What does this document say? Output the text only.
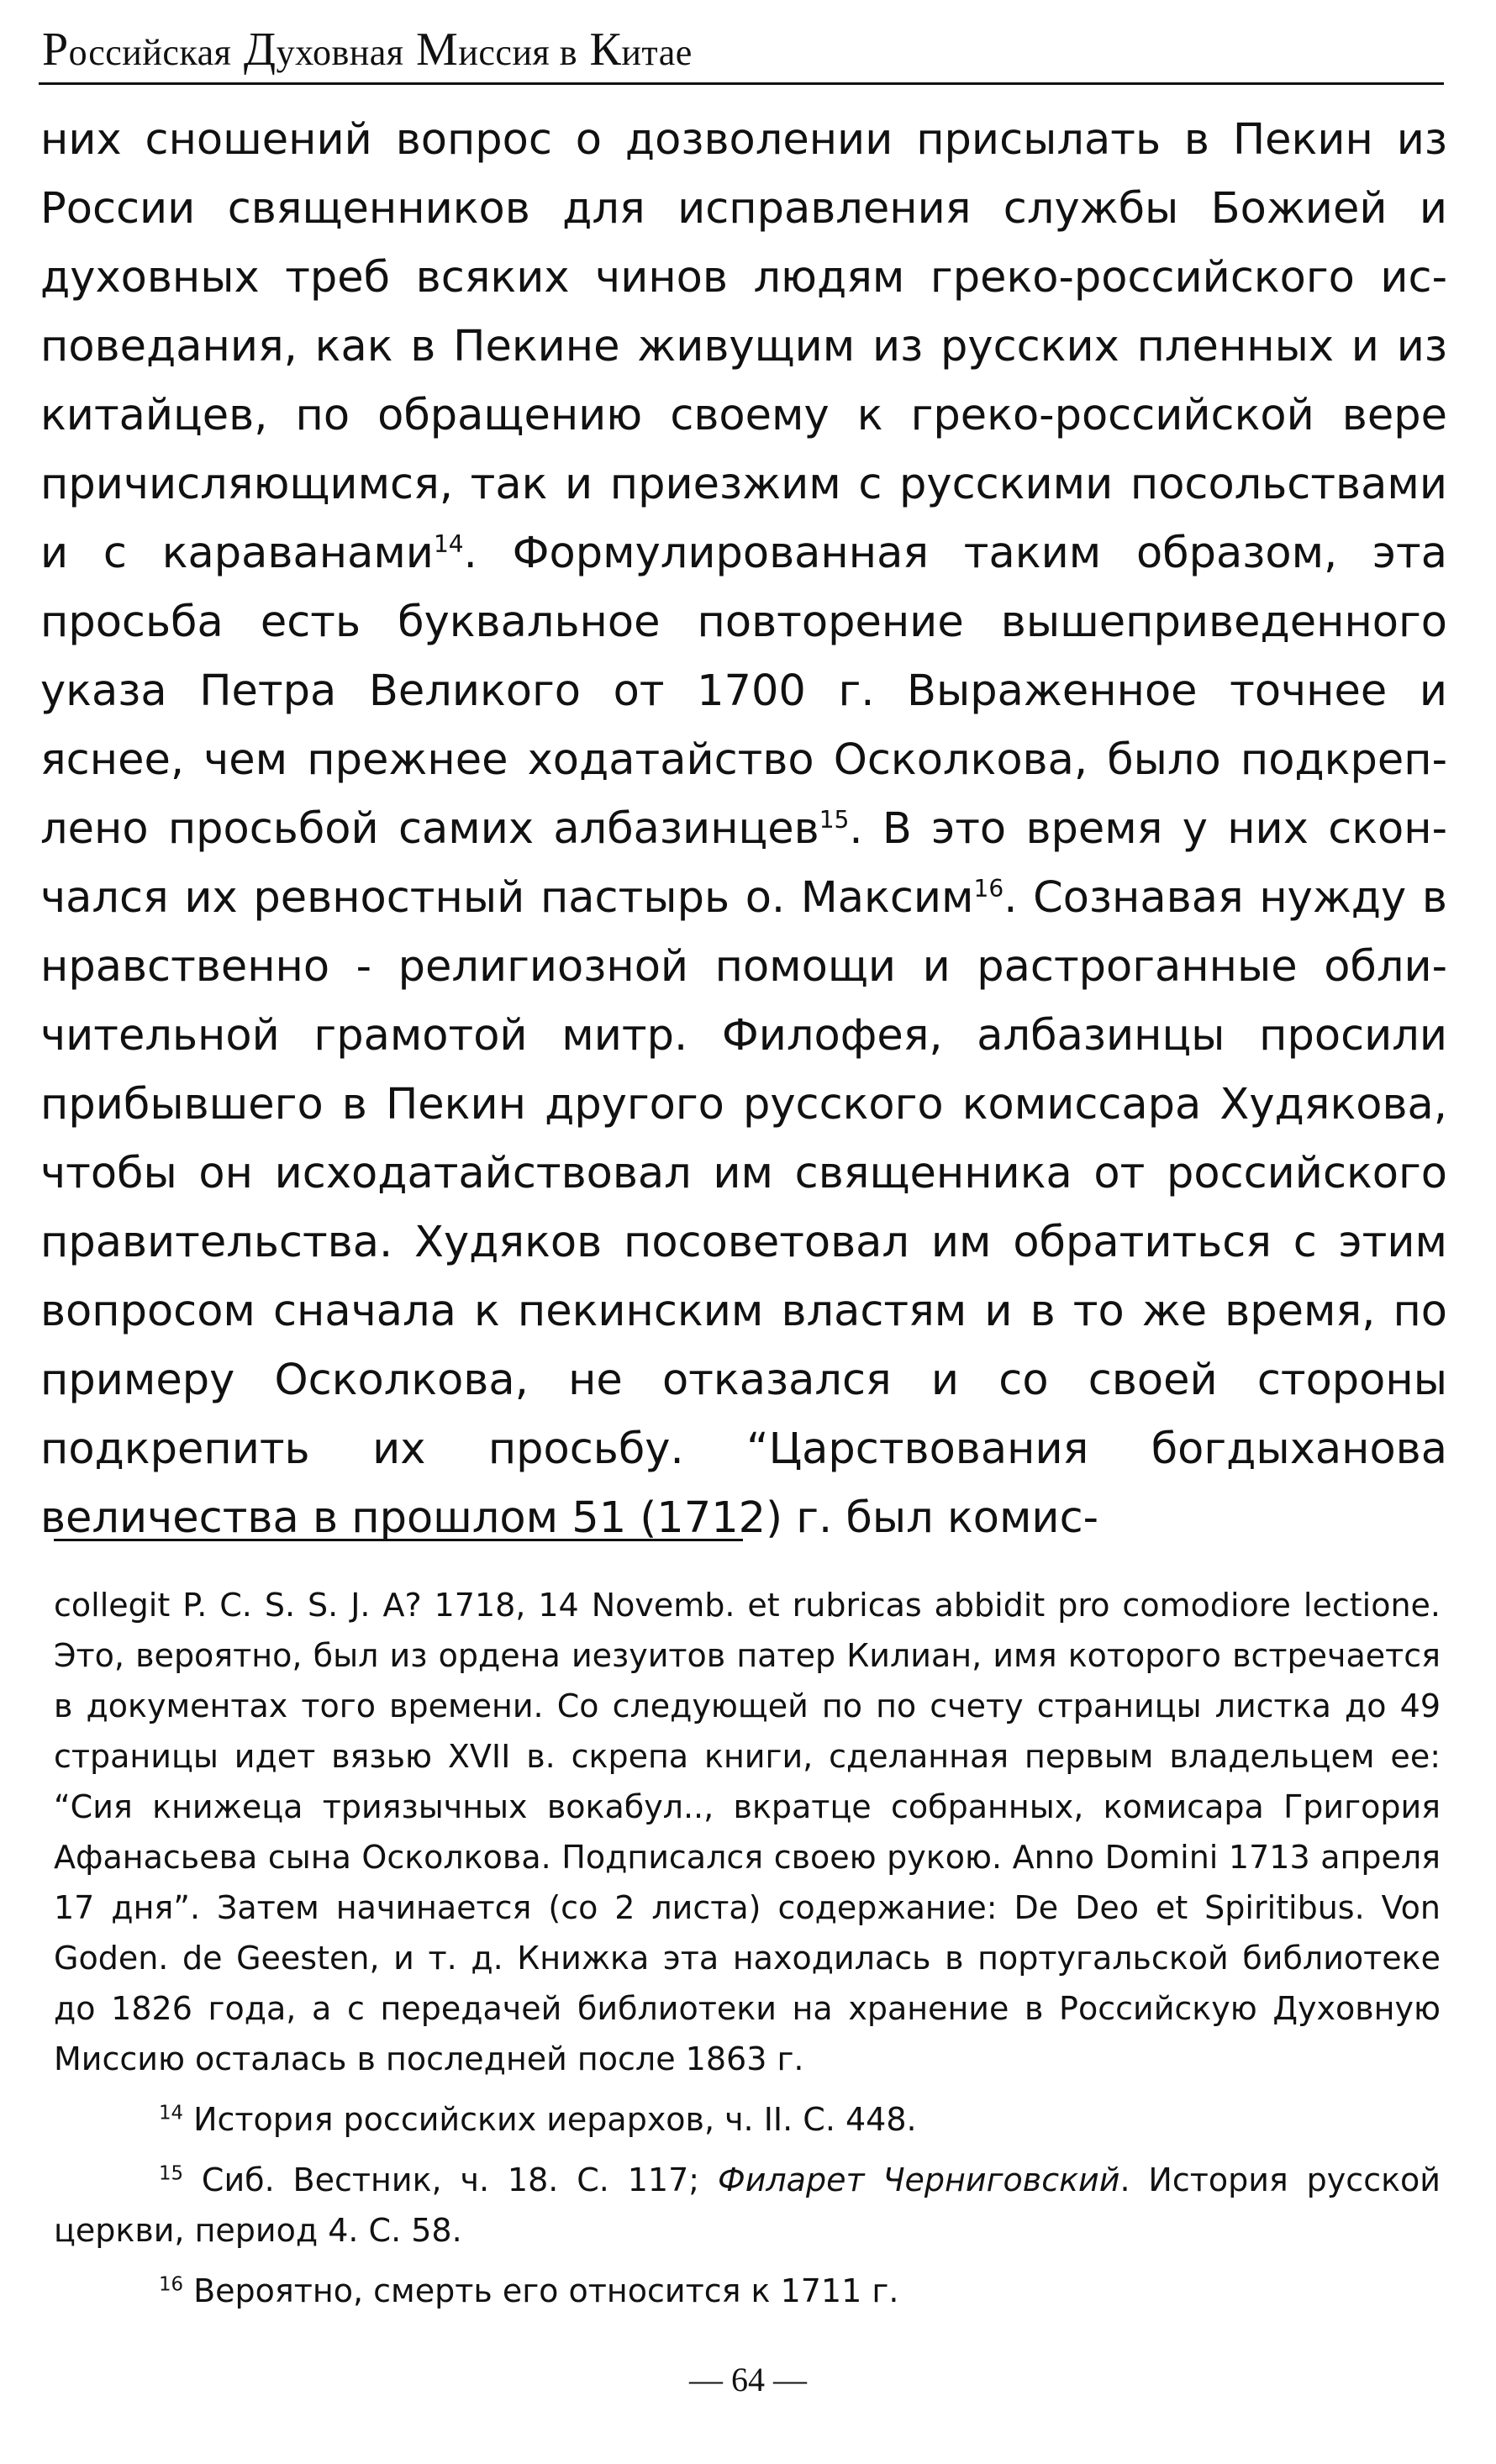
Российская Духовная Миссия в Китае

них сношений вопрос о дозволении присылать в Пекин из России священников для исправления службы Божией и духовных треб всяких чинов людям греко-российского исповедания, как в Пекине живущим из русских пленных и из китайцев, по обращению своему к греко-российской вере причисляющимся, так и приезжим с русскими посольствами и с караванами$^{14}$. Формулированная таким образом, эта просьба есть буквальное повторение вышеприведенного указа Петра Великого от 1700 г. Выраженное точнее и яснее, чем прежнее ходатайство Осколкова, было подкреплено просьбой самих албазинцев$^{15}$. В это время у них скончался их ревностный пастырь о. Максим$^{16}$. Сознавая нужду в нравственно - религиозной помощи и растроганные обличительной грамотой митр. Филофея, албазинцы просили прибывшего в Пекин другого русского комиссара Худякова, чтобы он исходатайствовал им священника от российского правительства. Худяков посоветовал им обратиться с этим вопросом сначала к пекинским властям и в то же время, по примеру Осколкова, не отказался и со своей стороны подкрепить их просьбу. “Царствования богдыханова величества в прошлом 51 (1712) г. был комис-

collegit P. C. S. S. J. A? 1718, 14 Novemb. et rubricas abbidit pro comodiore lectione. Это, вероятно, был из ордена иезуитов патер Килиан, имя которого встречается в документах того времени. Со следующей по по счету страницы листка до 49 страницы идет вязью XVII в. скрепа книги, сделанная первым владельцем ее: “Сия книжеца триязычных вокабул.., вкратце собранных, комисара Григория Афанасьева сына Осколкова. Подписался своею рукою. Anno Domini 1713 апреля 17 дня”. Затем начинается (со 2 листа) содержание: De Deo et Spiritibus. Von Goden. de Geesten, и т. д. Книжка эта находилась в португальской библиотеке до 1826 года, а с передачей библиотеки на хранение в Российскую Духовную Миссию осталась в последней после 1863 г.

$^{14}$ История российских иерархов, ч. II. С. 448.

$^{15}$ Сиб. Вестник, ч. 18. С. 117; Филарет Черниговский. История русской церкви, период 4. С. 58.

$^{16}$ Вероятно, смерть его относится к 1711 г.

— 64 —
